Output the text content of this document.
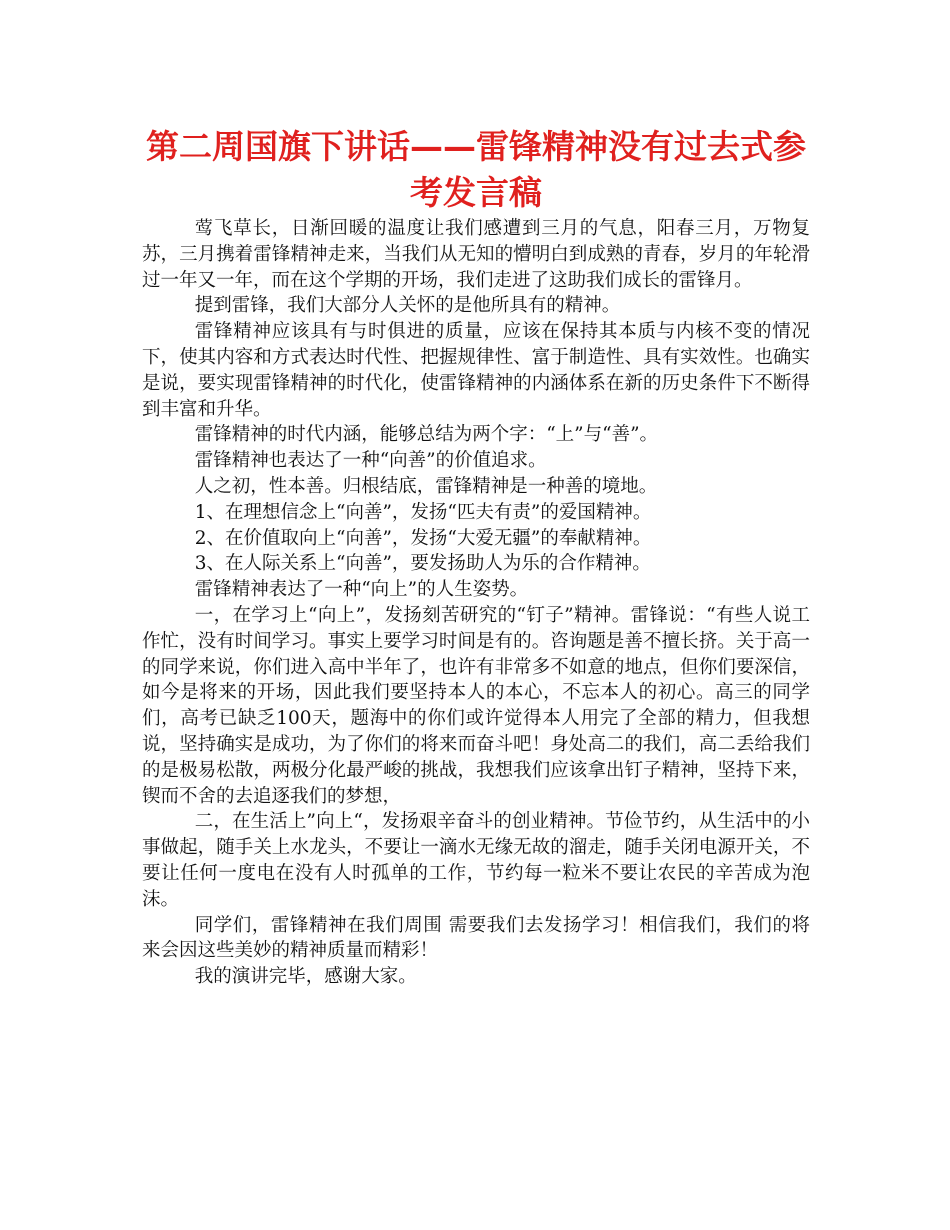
第二周国旗下讲话——雷锋精神没有过去式参考发言稿

莺飞草长，日渐回暖的温度让我们感遭到三月的气息，阳春三月，万物复苏，三月携着雷锋精神走来，当我们从无知的懵明白到成熟的青春，岁月的年轮滑过一年又一年，而在这个学期的开场，我们走进了这助我们成长的雷锋月。

提到雷锋，我们大部分人关怀的是他所具有的精神。

雷锋精神应该具有与时俱进的质量，应该在保持其本质与内核不变的情况下，使其内容和方式表达时代性、把握规律性、富于制造性、具有实效性。也确实是说，要实现雷锋精神的时代化，使雷锋精神的内涵体系在新的历史条件下不断得到丰富和升华。

雷锋精神的时代内涵，能够总结为两个字：“上”与“善”。

雷锋精神也表达了一种“向善”的价值追求。

人之初，性本善。归根结底，雷锋精神是一种善的境地。

1、在理想信念上“向善”，发扬“匹夫有责”的爱国精神。

2、在价值取向上“向善”，发扬“大爱无疆”的奉献精神。

3、在人际关系上“向善”，要发扬助人为乐的合作精神。

雷锋精神表达了一种“向上”的人生姿势。

一，在学习上“向上”，发扬刻苦研究的“钉子”精神。雷锋说：“有些人说工作忙，没有时间学习。事实上要学习时间是有的。咨询题是善不擅长挤。关于高一的同学来说，你们进入高中半年了，也许有非常多不如意的地点，但你们要深信，如今是将来的开场，因此我们要坚持本人的本心，不忘本人的初心。高三的同学们，高考已缺乏100天，题海中的你们或许觉得本人用完了全部的精力，但我想说，坚持确实是成功，为了你们的将来而奋斗吧！身处高二的我们，高二丢给我们的是极易松散，两极分化最严峻的挑战，我想我们应该拿出钉子精神，坚持下来，锲而不舍的去追逐我们的梦想，

二，在生活上”向上“，发扬艰辛奋斗的创业精神。节俭节约，从生活中的小事做起，随手关上水龙头，不要让一滴水无缘无故的溜走，随手关闭电源开关，不要让任何一度电在没有人时孤单的工作，节约每一粒米不要让农民的辛苦成为泡沫。

同学们，雷锋精神在我们周围 需要我们去发扬学习！相信我们，我们的将来会因这些美妙的精神质量而精彩！

我的演讲完毕，感谢大家。
